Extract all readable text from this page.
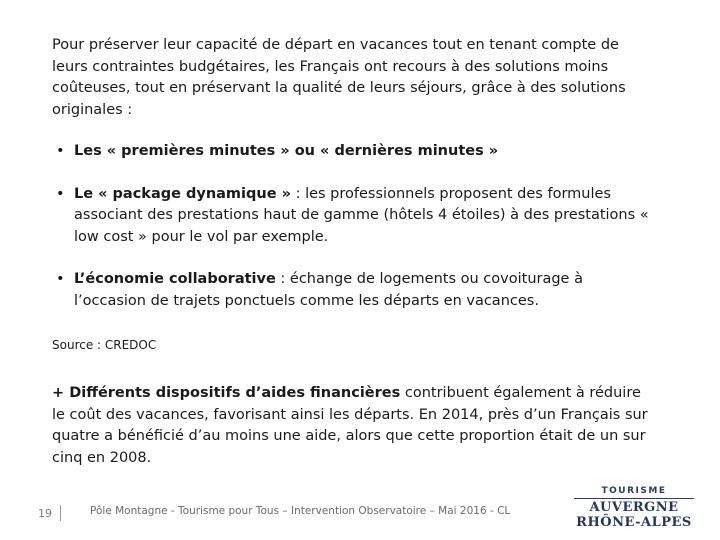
Pour préserver leur capacité de départ en vacances tout en tenant compte de leurs contraintes budgétaires, les Français ont recours à des solutions moins coûteuses, tout en préservant la qualité de leurs séjours, grâce à des solutions originales :

• Les « premières minutes » ou « dernières minutes »
• Le « package dynamique » : les professionnels proposent des formules associant des prestations haut de gamme (hôtels 4 étoiles) à des prestations « low cost » pour le vol par exemple.
• L’économie collaborative : échange de logements ou covoiturage à l’occasion de trajets ponctuels comme les départs en vacances.

Source : CREDOC

+ Différents dispositifs d’aides financières contribuent également à réduire le coût des vacances, favorisant ainsi les départs. En 2014, près d’un Français sur quatre a bénéficié d’au moins une aide, alors que cette proportion était de un sur cinq en 2008.

19	Pôle Montagne - Tourisme pour Tous – Intervention Observatoire – Mai 2016 - CL
TOURISME
AUVERGNE RHÔNE-ALPES
